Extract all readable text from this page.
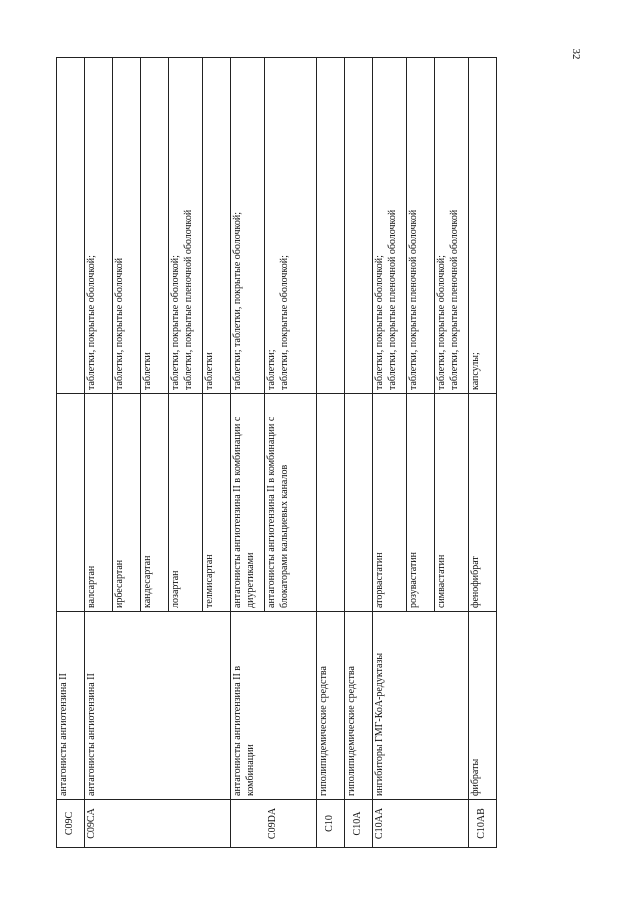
32
C09C	антагонисты ангиотензина II		
C09CA	антагонисты ангиотензина II	валсартан	таблетки, покрытые оболочкой;

		ирбесартан	таблетки, покрытые оболочкой

		кандесартан	таблетки

		лозартан	таблетки, покрытые оболочкой; таблетки, покрытые пленочной оболочкой

		телмисартан	таблетки

C09DA	антагонисты ангиотензина II в комбинации	антагонисты ангиотензина II в комбинации с диуретиками	таблетки; таблетки, покрытые оболочкой;

		антагонисты ангиотензина II в комбинации с блокаторами кальциевых каналов	таблетки; таблетки, покрытые оболочкой;

C10	гиполипидемические средства		
C10A	гиполипидемические средства		
C10AA	ингибиторы ГМГ-КоА-редуктазы	аторвастатин	таблетки, покрытые оболочкой; таблетки, покрытые пленочной оболочкой

		розувастатин	таблетки, покрытые пленочной оболочкой

		симвастатин	таблетки, покрытые оболочкой; таблетки, покрытые пленочной оболочкой

C10AB	фибраты	фенофибрат	капсулы;
